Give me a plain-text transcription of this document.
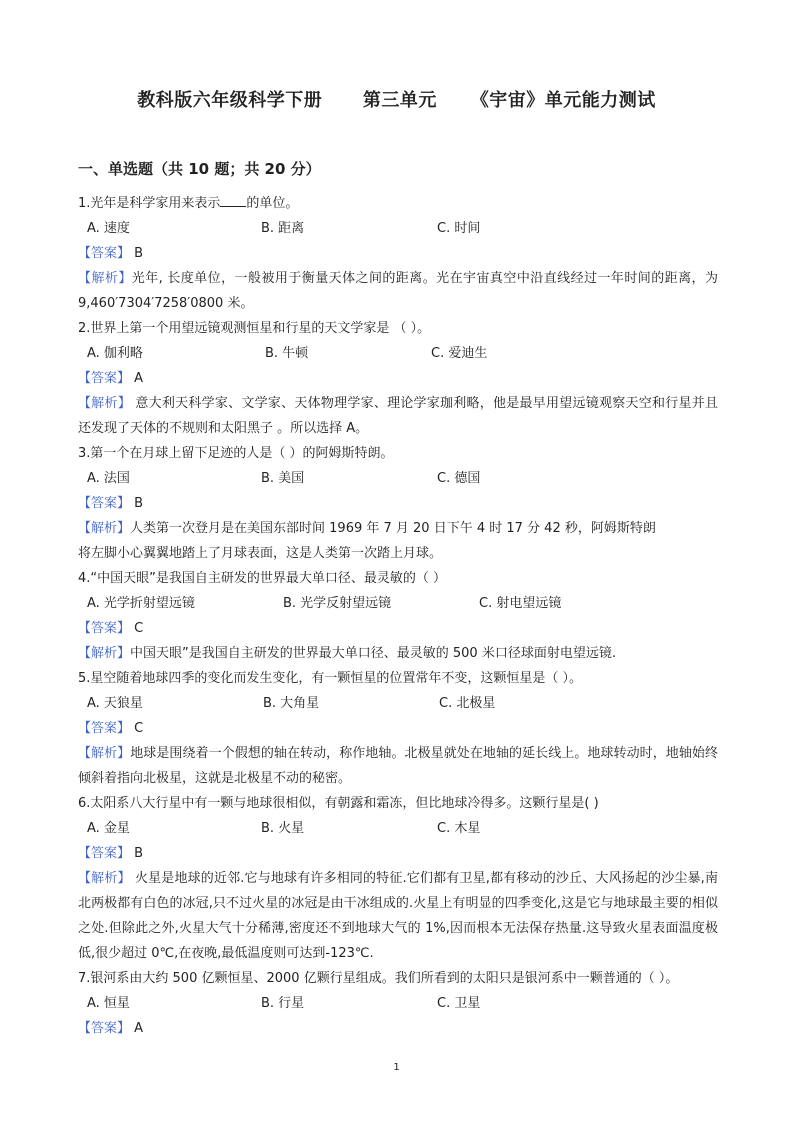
教科版六年级科学下册      第三单元     《宇宙》单元能力测试
一、单选题（共 10 题；共 20 分）
1.光年是科学家用来表示 的单位。
A. 速度	B. 距离	C. 时间
【答案】 B
【解析】光年, 长度单位，一般被用于衡量天体之间的距离。光在宇宙真空中沿直线经过一年时间的距离，为 9,460′7304′7258′0800 米。
2.世界上第一个用望远镜观测恒星和行星的天文学家是 （ ）。
A. 伽利略	B. 牛顿	C. 爱迪生
【答案】 A
【解析】 意大利天科学家、文学家、天体物理学家、理论学家珈利略，他是最早用望远镜观察天空和行星并且还发现了天体的不规则和太阳黑子 。所以选择 A。
3.第一个在月球上留下足迹的人是（ ）的阿姆斯特朗。
A. 法国	B. 美国	C. 德国
【答案】 B
【解析】人类第一次登月是在美国东部时间 1969 年 7 月 20 日下午 4 时 17 分 42 秒，阿姆斯特朗
将左脚小心翼翼地踏上了月球表面，这是人类第一次踏上月球。
4.“中国天眼”是我国自主研发的世界最大单口径、最灵敏的（ ）
A. 光学折射望远镜	B. 光学反射望远镜	C. 射电望远镜
【答案】 C
【解析】中国天眼”是我国自主研发的世界最大单口径、最灵敏的 500 米口径球面射电望远镜.
5.星空随着地球四季的变化而发生变化，有一颗恒星的位置常年不变，这颗恒星是（ ）。
A. 天狼星	B. 大角星	C. 北极星
【答案】 C
【解析】地球是围绕着一个假想的轴在转动，称作地轴。北极星就处在地轴的延长线上。地球转动时，地轴始终倾斜着指向北极星，这就是北极星不动的秘密。
6.太阳系八大行星中有一颗与地球很相似，有朝露和霜冻，但比地球冷得多。这颗行星是( )
A. 金星	B. 火星	C. 木星
【答案】 B
【解析】 火星是地球的近邻.它与地球有许多相同的特征.它们都有卫星,都有移动的沙丘、大风扬起的沙尘暴,南北两极都有白色的冰冠,只不过火星的冰冠是由干冰组成的.火星上有明显的四季变化,这是它与地球最主要的相似之处.但除此之外,火星大气十分稀薄,密度还不到地球大气的 1%,因而根本无法保存热量.这导致火星表面温度极低,很少超过 0℃,在夜晚,最低温度则可达到-123℃.
7.银河系由大约 500 亿颗恒星、2000 亿颗行星组成。我们所看到的太阳只是银河系中一颗普通的（ ）。
A. 恒星	B. 行星	C. 卫星
【答案】 A
1
